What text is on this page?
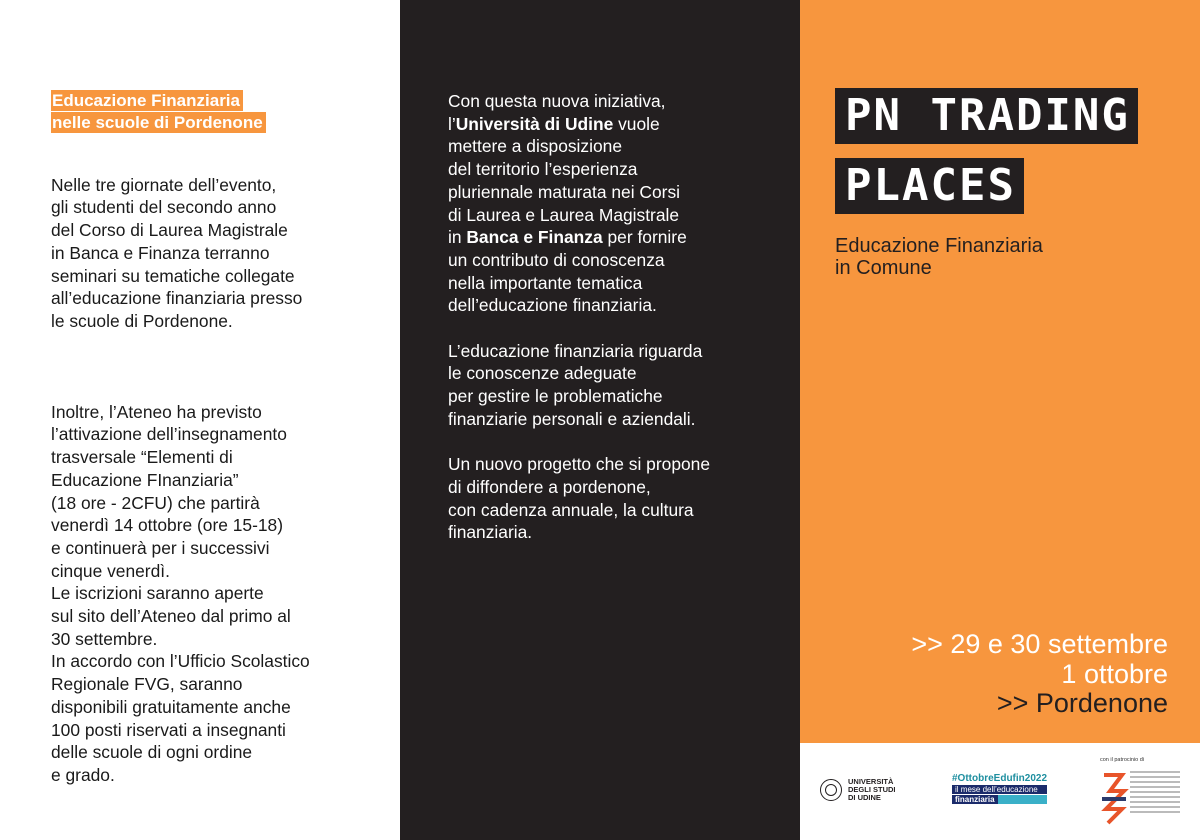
Educazione Finanziaria
nelle scuole di Pordenone

Nelle tre giornate dell’evento,
gli studenti del secondo anno
del Corso di Laurea Magistrale
in Banca e Finanza terranno
seminari su tematiche collegate
all’educazione finanziaria presso
le scuole di Pordenone.

Inoltre, l’Ateneo ha previsto
l’attivazione dell’insegnamento
trasversale “Elementi di
Educazione FInanziaria”
(18 ore - 2CFU) che partirà
venerdì 14 ottobre (ore 15-18)
e continuerà per i successivi
cinque venerdì.
Le iscrizioni saranno aperte
sul sito dell’Ateneo dal primo al
30 settembre.
In accordo con l’Ufficio Scolastico
Regionale FVG, saranno
disponibili gratuitamente anche
100 posti riservati a insegnanti
delle scuole di ogni ordine
e grado.

Con questa nuova iniziativa,
l’Università di Udine vuole
mettere a disposizione
del territorio l’esperienza
pluriennale maturata nei Corsi
di Laurea e Laurea Magistrale
in Banca e Finanza per fornire
un contributo di conoscenza
nella importante tematica
dell’educazione finanziaria.

L’educazione finanziaria riguarda
le conoscenze adeguate
per gestire le problematiche
finanziarie personali e aziendali.

Un nuovo progetto che si propone
di diffondere a pordenone,
con cadenza annuale, la cultura
finanziaria.

PN TRADING
PLACES
Educazione Finanziaria
in Comune
>> 29 e 30 settembre
1 ottobre
>> Pordenone
UNIVERSITÀ
DEGLI STUDI
DI UDINE
#OttobreEdufin2022
il mese dell’educazione
finanziaria
con il patrocinio di
